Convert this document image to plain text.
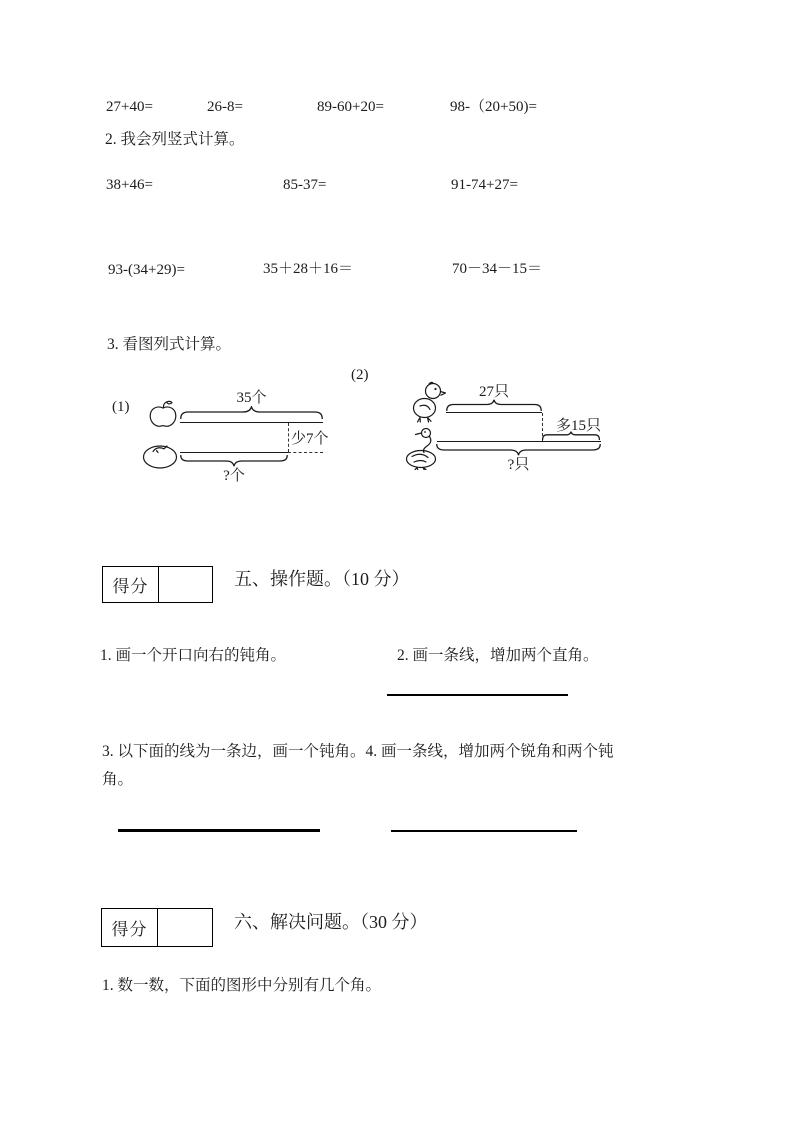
27+40=	26-8=	89-60+20=	98-（20+50)=
2. 我会列竖式计算。
38+46=	85-37=	91-74+27=
93-(34+29)=	35＋28＋16＝	70－34－15＝
3. 看图列式计算。
(1)
35个
少7个
?个
(2)
27只
多15只
?只
得分	五、操作题。（10 分）
1. 画一个开口向右的钝角。	2. 画一条线，增加两个直角。
3. 以下面的线为一条边，画一个钝角。4. 画一条线，增加两个锐角和两个钝
角。
得分	六、解决问题。（30 分）
1. 数一数，下面的图形中分别有几个角。
